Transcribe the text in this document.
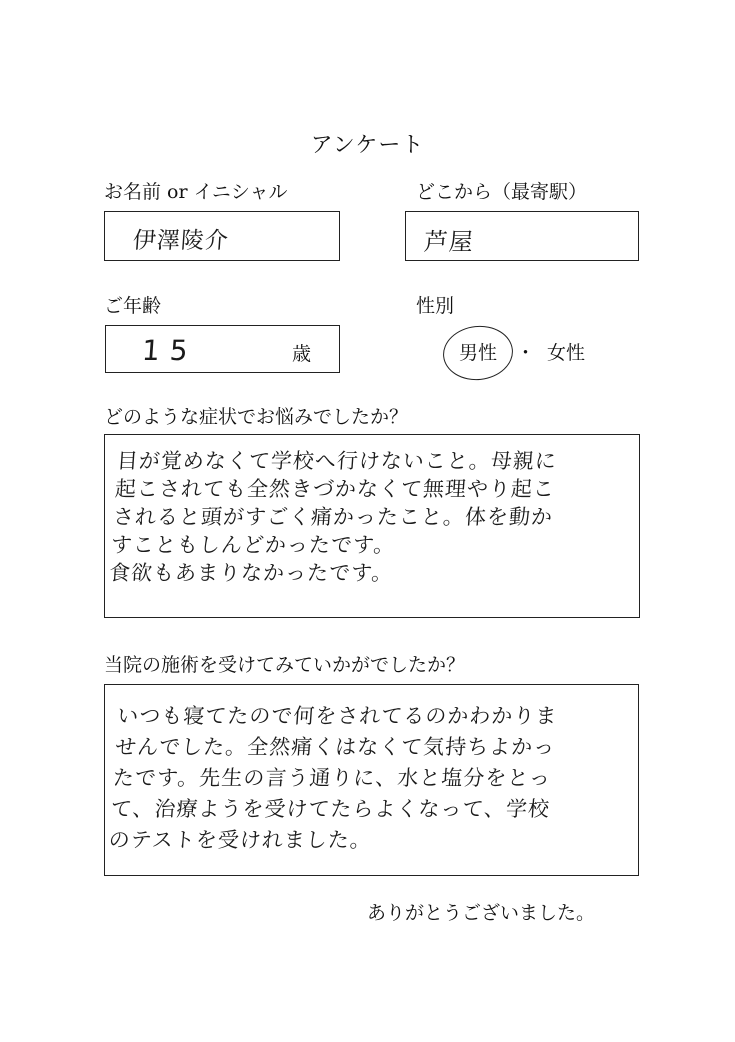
アンケート
お名前 or イニシャル
伊澤陵介
どこから（最寄駅）
芦屋
ご年齢
15	歳
性別
男性 ・ 女性
どのような症状でお悩みでしたか？
目が覚めなくて学校へ行けないこと。母親に
起こされても全然きづかなくて無理やり起こ
されると頭がすごく痛かったこと。体を動か
すこともしんどかったです。
食欲もあまりなかったです。
当院の施術を受けてみていかがでしたか？
いつも寝てたので何をされてるのかわかりま
せんでした。全然痛くはなくて気持ちよかっ
たです。先生の言う通りに、水と塩分をとっ
て、治療ようを受けてたらよくなって、学校
のテストを受けれました。
ありがとうございました。
